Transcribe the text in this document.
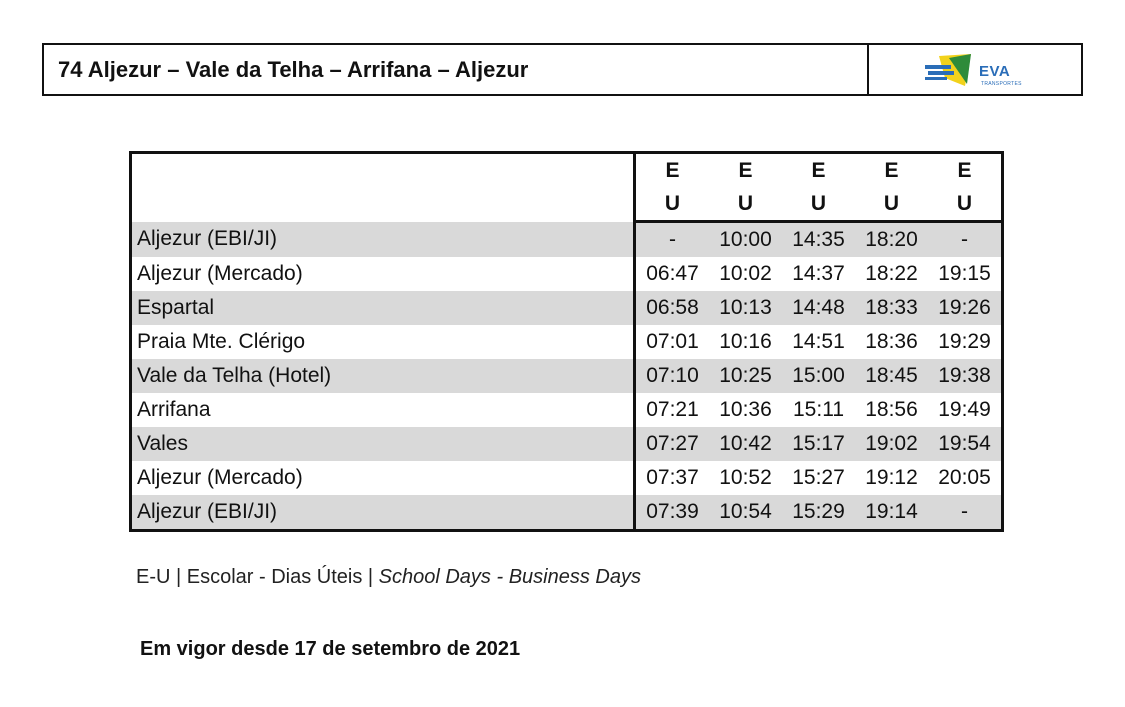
74 Aljezur – Vale da Telha – Arrifana – Aljezur	EVA
TRANSPORTES
	E	E	E	E	E
	U	U	U	U	U
Aljezur (EBI/JI)	-	10:00	14:35	18:20	-
Aljezur (Mercado)	06:47	10:02	14:37	18:22	19:15
Espartal	06:58	10:13	14:48	18:33	19:26
Praia Mte. Clérigo	07:01	10:16	14:51	18:36	19:29
Vale da Telha (Hotel)	07:10	10:25	15:00	18:45	19:38
Arrifana	07:21	10:36	15:11	18:56	19:49
Vales	07:27	10:42	15:17	19:02	19:54
Aljezur (Mercado)	07:37	10:52	15:27	19:12	20:05
Aljezur (EBI/JI)	07:39	10:54	15:29	19:14	-
E-U | Escolar - Dias Úteis | School Days - Business Days
Em vigor desde 17 de setembro de 2021
